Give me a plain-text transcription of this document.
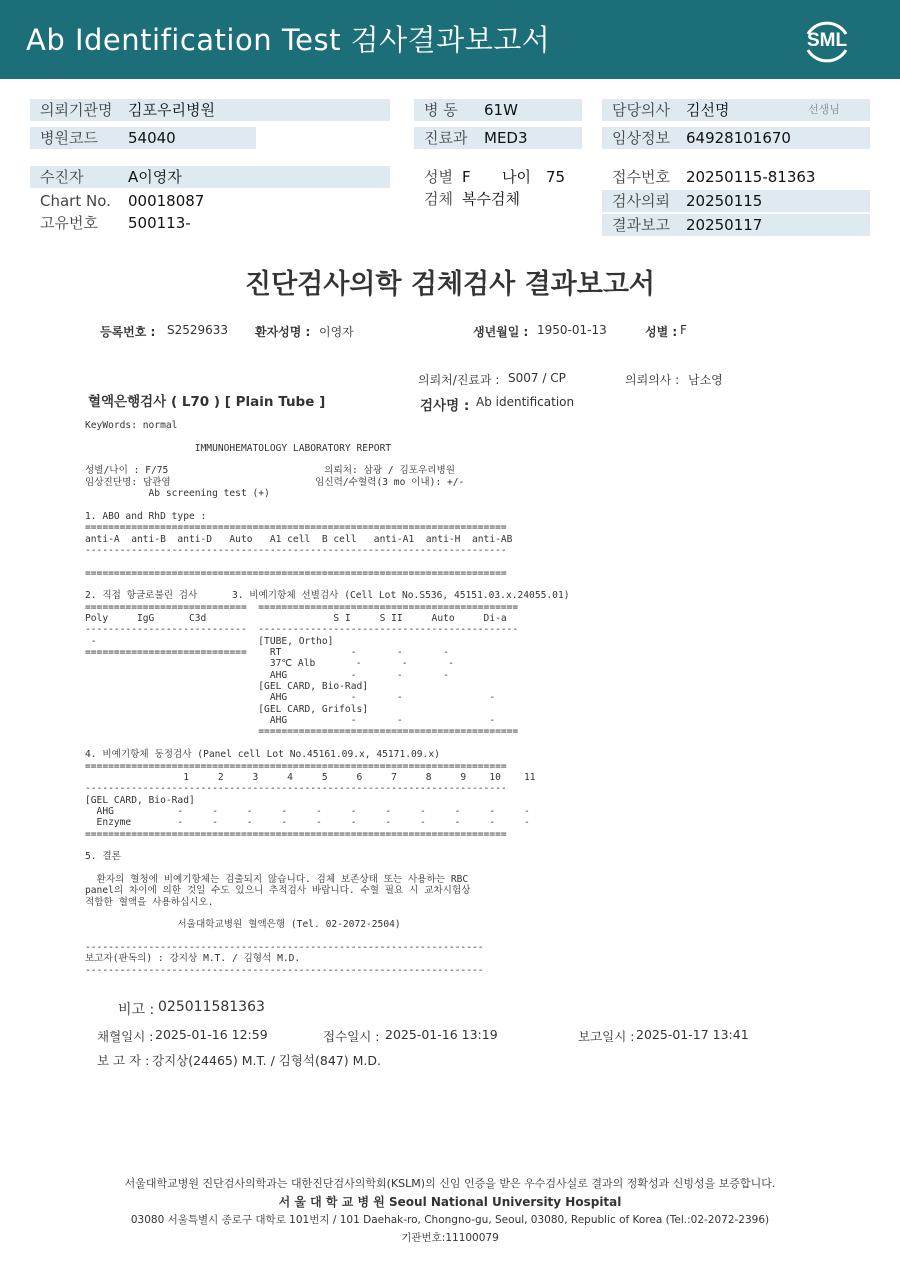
Ab Identification Test 검사결과보고서	SML
의뢰기관명 김포우리병원
병원코드 54040
병 동 61W
진료과 MED3
담당의사 김선명	선생님
임상정보 64928101670
수진자	A이영자
Chart No. 00018087
고유번호 500113-
성별 F 나이 75
검체 복수검체
접수번호 20250115-81363
검사의뢰 20250115
결과보고 20250117
진단검사의학 검체검사 결과보고서
등록번호 : S2529633 환자성명 : 이영자	생년월일 : 1950-01-13	성별 : F
의뢰처/진료과 : S007 / CP	의뢰의사 : 남소영
혈액은행검사 ( L70 ) [ Plain Tube ]	검사명 : Ab identification
KeyWords: normal
IMMUNOHEMATOLOGY LABORATORY REPORT
성별/나이 : F/75                           의뢰처: 삼광 / 김포우리병원
임상진단명: 담관염                         임신력/수혈력(3 mo 이내): +/-
Ab screening test (+)
1. ABO and RhD type :
=========================================================================
anti-A  anti-B  anti-D   Auto   A1 cell  B cell   anti-A1  anti-H  anti-AB
-------------------------------------------------------------------------
=========================================================================
2. 직접 항글로불린 검사      3. 비예기항체 선별검사 (Cell Lot No.S536, 45151.03.x.24055.01)
============================  =============================================
Poly     IgG      C3d                      S I     S II     Auto     Di-a
----------------------------  ---------------------------------------------
-                            [TUBE, Ortho]
============================    RT            -       -       -
37℃ Alb       -       -       -
AHG           -       -       -
[GEL CARD, Bio-Rad]
AHG           -       -               -
[GEL CARD, Grifols]
AHG           -       -               -
=============================================
4. 비예기항체 동정검사 (Panel cell Lot No.45161.09.x, 45171.09.x)
=========================================================================
1     2     3     4     5     6     7     8     9    10    11
-------------------------------------------------------------------------
[GEL CARD, Bio-Rad]
AHG           -     -     -     -     -     -     -     -     -     -     -
Enzyme        -     -     -     -     -     -     -     -     -     -     -
=========================================================================
5. 결론
환자의 혈청에 비예기항체는 검출되지 않습니다. 검체 보존상태 또는 사용하는 RBC
panel의 차이에 의한 것일 수도 있으니 추적검사 바랍니다. 수혈 필요 시 교차시험상
적합한 혈액을 사용하십시오.
서울대학교병원 혈액은행 (Tel. 02-2072-2504)
---------------------------------------------------------------------
보고자(판독의) : 강지상 M.T. / 김형석 M.D.
---------------------------------------------------------------------
비고 : 025011581363
채혈일시 : 2025-01-16 12:59	접수일시 : 2025-01-16 13:19	보고일시 : 2025-01-17 13:41
보 고 자 : 강지상(24465) M.T. / 김형석(847) M.D.
서울대학교병원 진단검사의학과는 대한진단검사의학회(KSLM)의 신임 인증을 받은 우수검사실로 결과의 정확성과 신빙성을 보증합니다.
서 울 대 학 교 병 원 Seoul National University Hospital
03080 서울특별시 종로구 대학로 101번지 / 101 Daehak-ro, Chongno-gu, Seoul, 03080, Republic of Korea (Tel.:02-2072-2396)
기관번호:11100079
